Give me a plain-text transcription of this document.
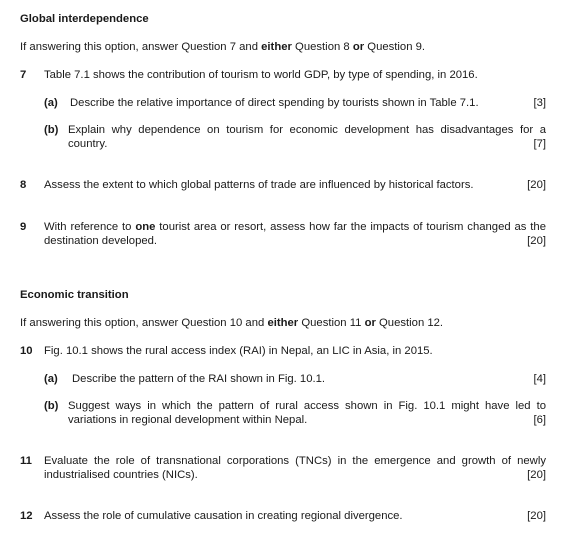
Global interdependence
If answering this option, answer Question 7 and either Question 8 or Question 9.
7 Table 7.1 shows the contribution of tourism to world GDP, by type of spending, in 2016.
(a) Describe the relative importance of direct spending by tourists shown in Table 7.1.	[3]
(b) Explain why dependence on tourism for economic development has disadvantages for a country.	[7]
8 Assess the extent to which global patterns of trade are influenced by historical factors.	[20]
9 With reference to one tourist area or resort, assess how far the impacts of tourism changed as the destination developed.	[20]
Economic transition
If answering this option, answer Question 10 and either Question 11 or Question 12.
10 Fig. 10.1 shows the rural access index (RAI) in Nepal, an LIC in Asia, in 2015.
(a) Describe the pattern of the RAI shown in Fig. 10.1.	[4]
(b) Suggest ways in which the pattern of rural access shown in Fig. 10.1 might have led to variations in regional development within Nepal.	[6]
11 Evaluate the role of transnational corporations (TNCs) in the emergence and growth of newly industrialised countries (NICs).	[20]
12 Assess the role of cumulative causation in creating regional divergence.	[20]
